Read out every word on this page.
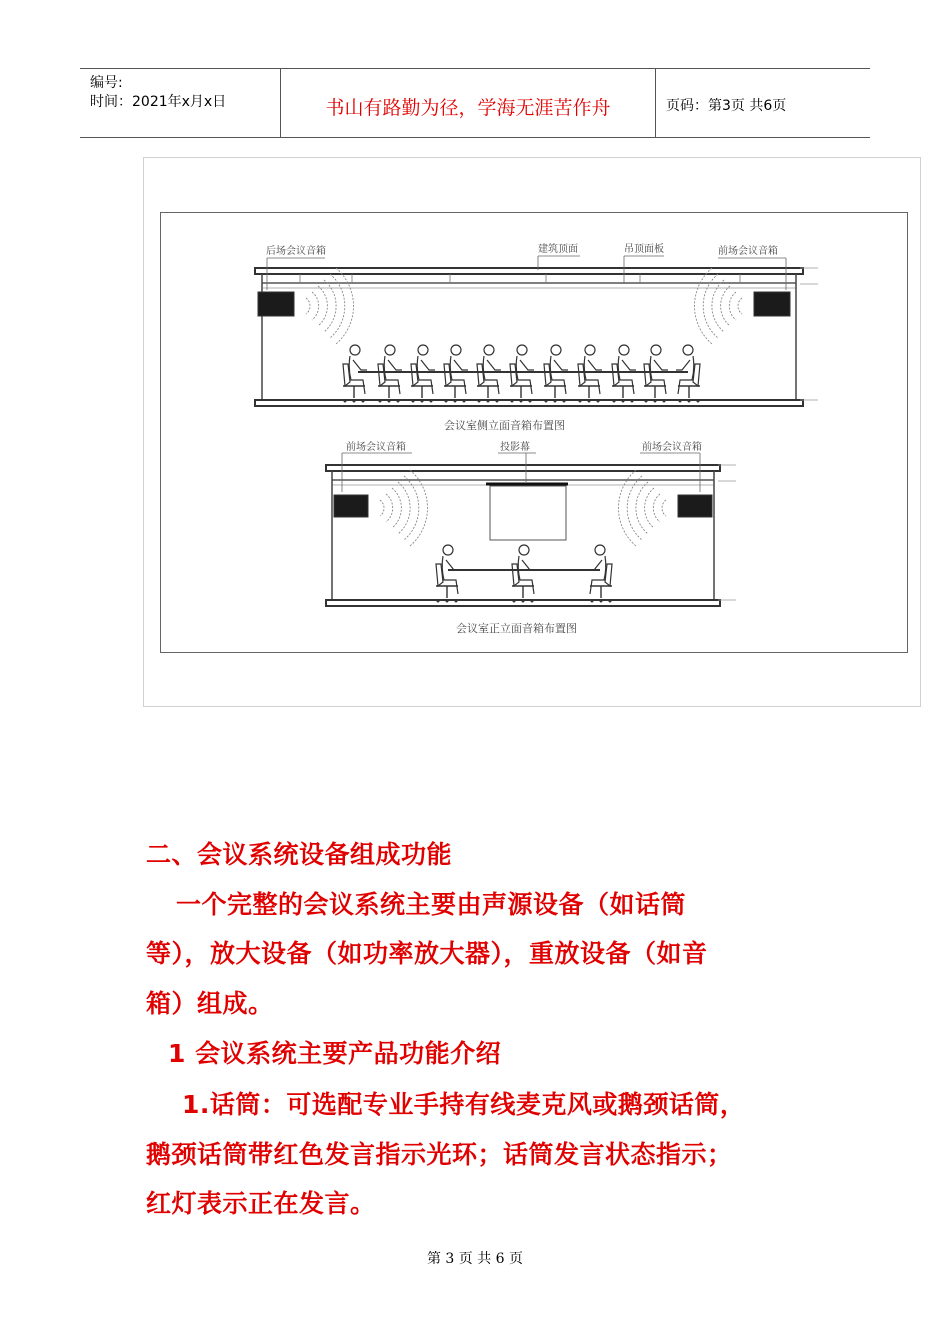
编号:
时间：2021年x月x日	书山有路勤为径，学海无涯苦作舟	页码：第3页 共6页
后场会议音箱	建筑顶面	吊顶面板	前场会议音箱
会议室侧立面音箱布置图
前场会议音箱	投影幕	前场会议音箱
会议室正立面音箱布置图
二、会议系统设备组成功能
一个完整的会议系统主要由声源设备（如话筒
等），放大设备（如功率放大器），重放设备（如音
箱）组成。
1 会议系统主要产品功能介绍
1.话筒：可选配专业手持有线麦克风或鹅颈话筒，
鹅颈话筒带红色发言指示光环；话筒发言状态指示；
红灯表示正在发言。
第 3 页 共 6 页
